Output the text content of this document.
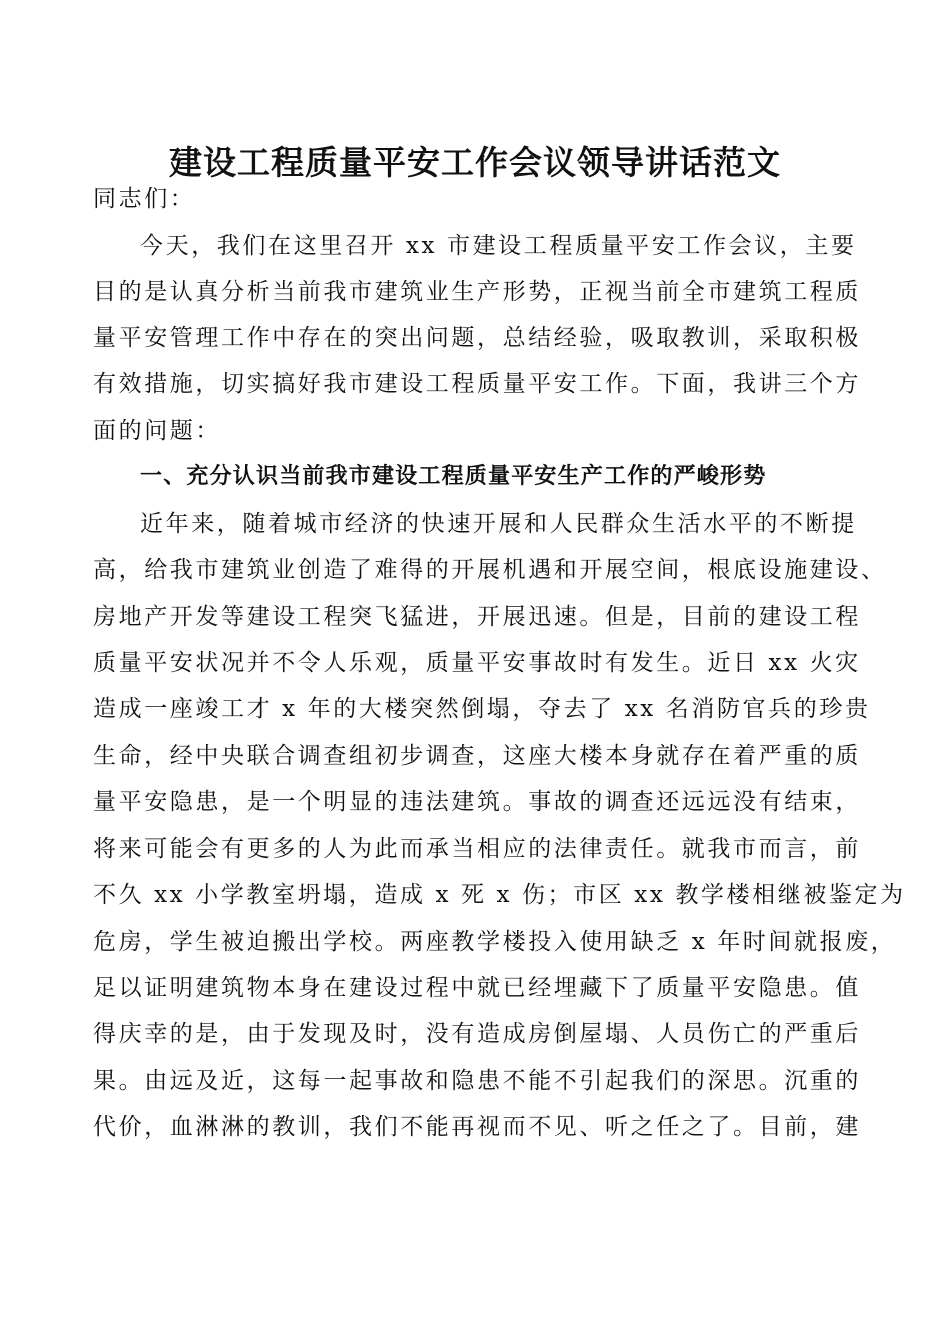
建设工程质量平安工作会议领导讲话范文

同志们：

今天，我们在这里召开 xx 市建设工程质量平安工作会议，主要

目的是认真分析当前我市建筑业生产形势，正视当前全市建筑工程质

量平安管理工作中存在的突出问题，总结经验，吸取教训，采取积极

有效措施，切实搞好我市建设工程质量平安工作。下面，我讲三个方

面的问题：

一、充分认识当前我市建设工程质量平安生产工作的严峻形势

近年来，随着城市经济的快速开展和人民群众生活水平的不断提

高，给我市建筑业创造了难得的开展机遇和开展空间，根底设施建设、

房地产开发等建设工程突飞猛进，开展迅速。但是，目前的建设工程

质量平安状况并不令人乐观，质量平安事故时有发生。近日 xx 火灾

造成一座竣工才 x 年的大楼突然倒塌，夺去了 xx 名消防官兵的珍贵

生命，经中央联合调查组初步调查，这座大楼本身就存在着严重的质

量平安隐患，是一个明显的违法建筑。事故的调查还远远没有结束，

将来可能会有更多的人为此而承当相应的法律责任。就我市而言，前

不久 xx 小学教室坍塌，造成 x 死 x 伤；市区 xx 教学楼相继被鉴定为

危房，学生被迫搬出学校。两座教学楼投入使用缺乏 x 年时间就报废，

足以证明建筑物本身在建设过程中就已经埋藏下了质量平安隐患。值

得庆幸的是，由于发现及时，没有造成房倒屋塌、人员伤亡的严重后

果。由远及近，这每一起事故和隐患不能不引起我们的深思。沉重的

代价，血淋淋的教训，我们不能再视而不见、听之任之了。目前，建
